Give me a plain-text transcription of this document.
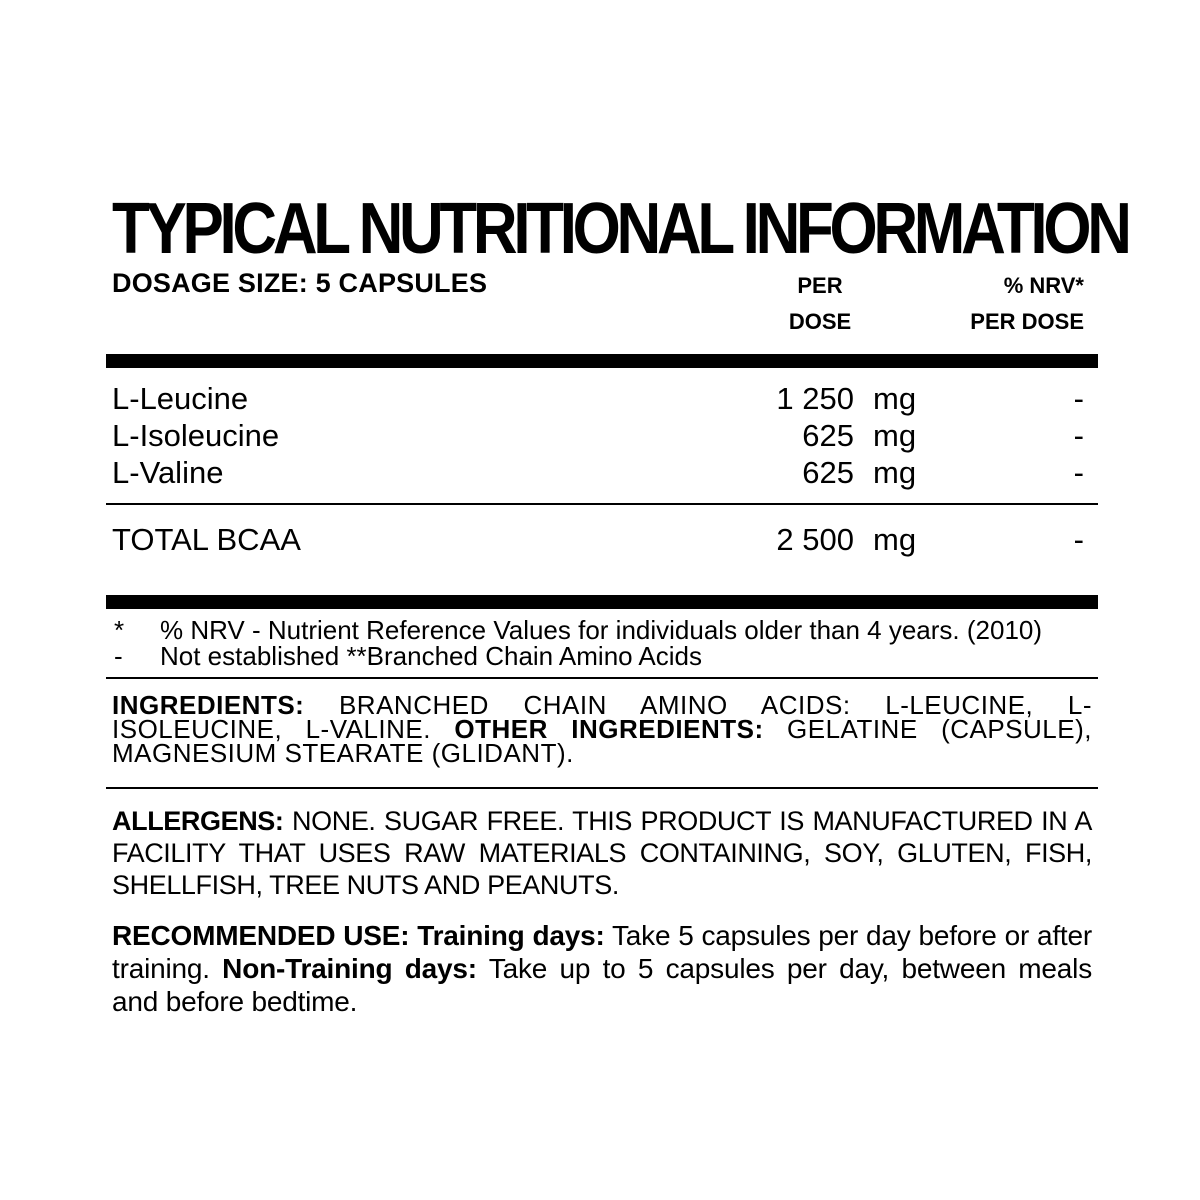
TYPICAL NUTRITIONAL INFORMATION
DOSAGE SIZE: 5 CAPSULES	PER
DOSE
% NRV*
PER DOSE
L-Leucine	1 250 mg	-
L-Isoleucine	625 mg	-
L-Valine	625 mg	-
TOTAL BCAA	2 500 mg	-
* % NRV - Nutrient Reference Values for individuals older than 4 years. (2010)
- Not established **Branched Chain Amino Acids
INGREDIENTS: BRANCHED CHAIN AMINO ACIDS: L-LEUCINE, L-ISOLEUCINE, L-VALINE. OTHER INGREDIENTS: GELATINE (CAPSULE), MAGNESIUM STEARATE (GLIDANT).
ALLERGENS: NONE. SUGAR FREE. THIS PRODUCT IS MANUFACTURED IN A FACILITY THAT USES RAW MATERIALS CONTAINING, SOY, GLUTEN, FISH, SHELLFISH, TREE NUTS AND PEANUTS.
RECOMMENDED USE: Training days: Take 5 capsules per day before or after training. Non-Training days: Take up to 5 capsules per day, between meals and before bedtime.
